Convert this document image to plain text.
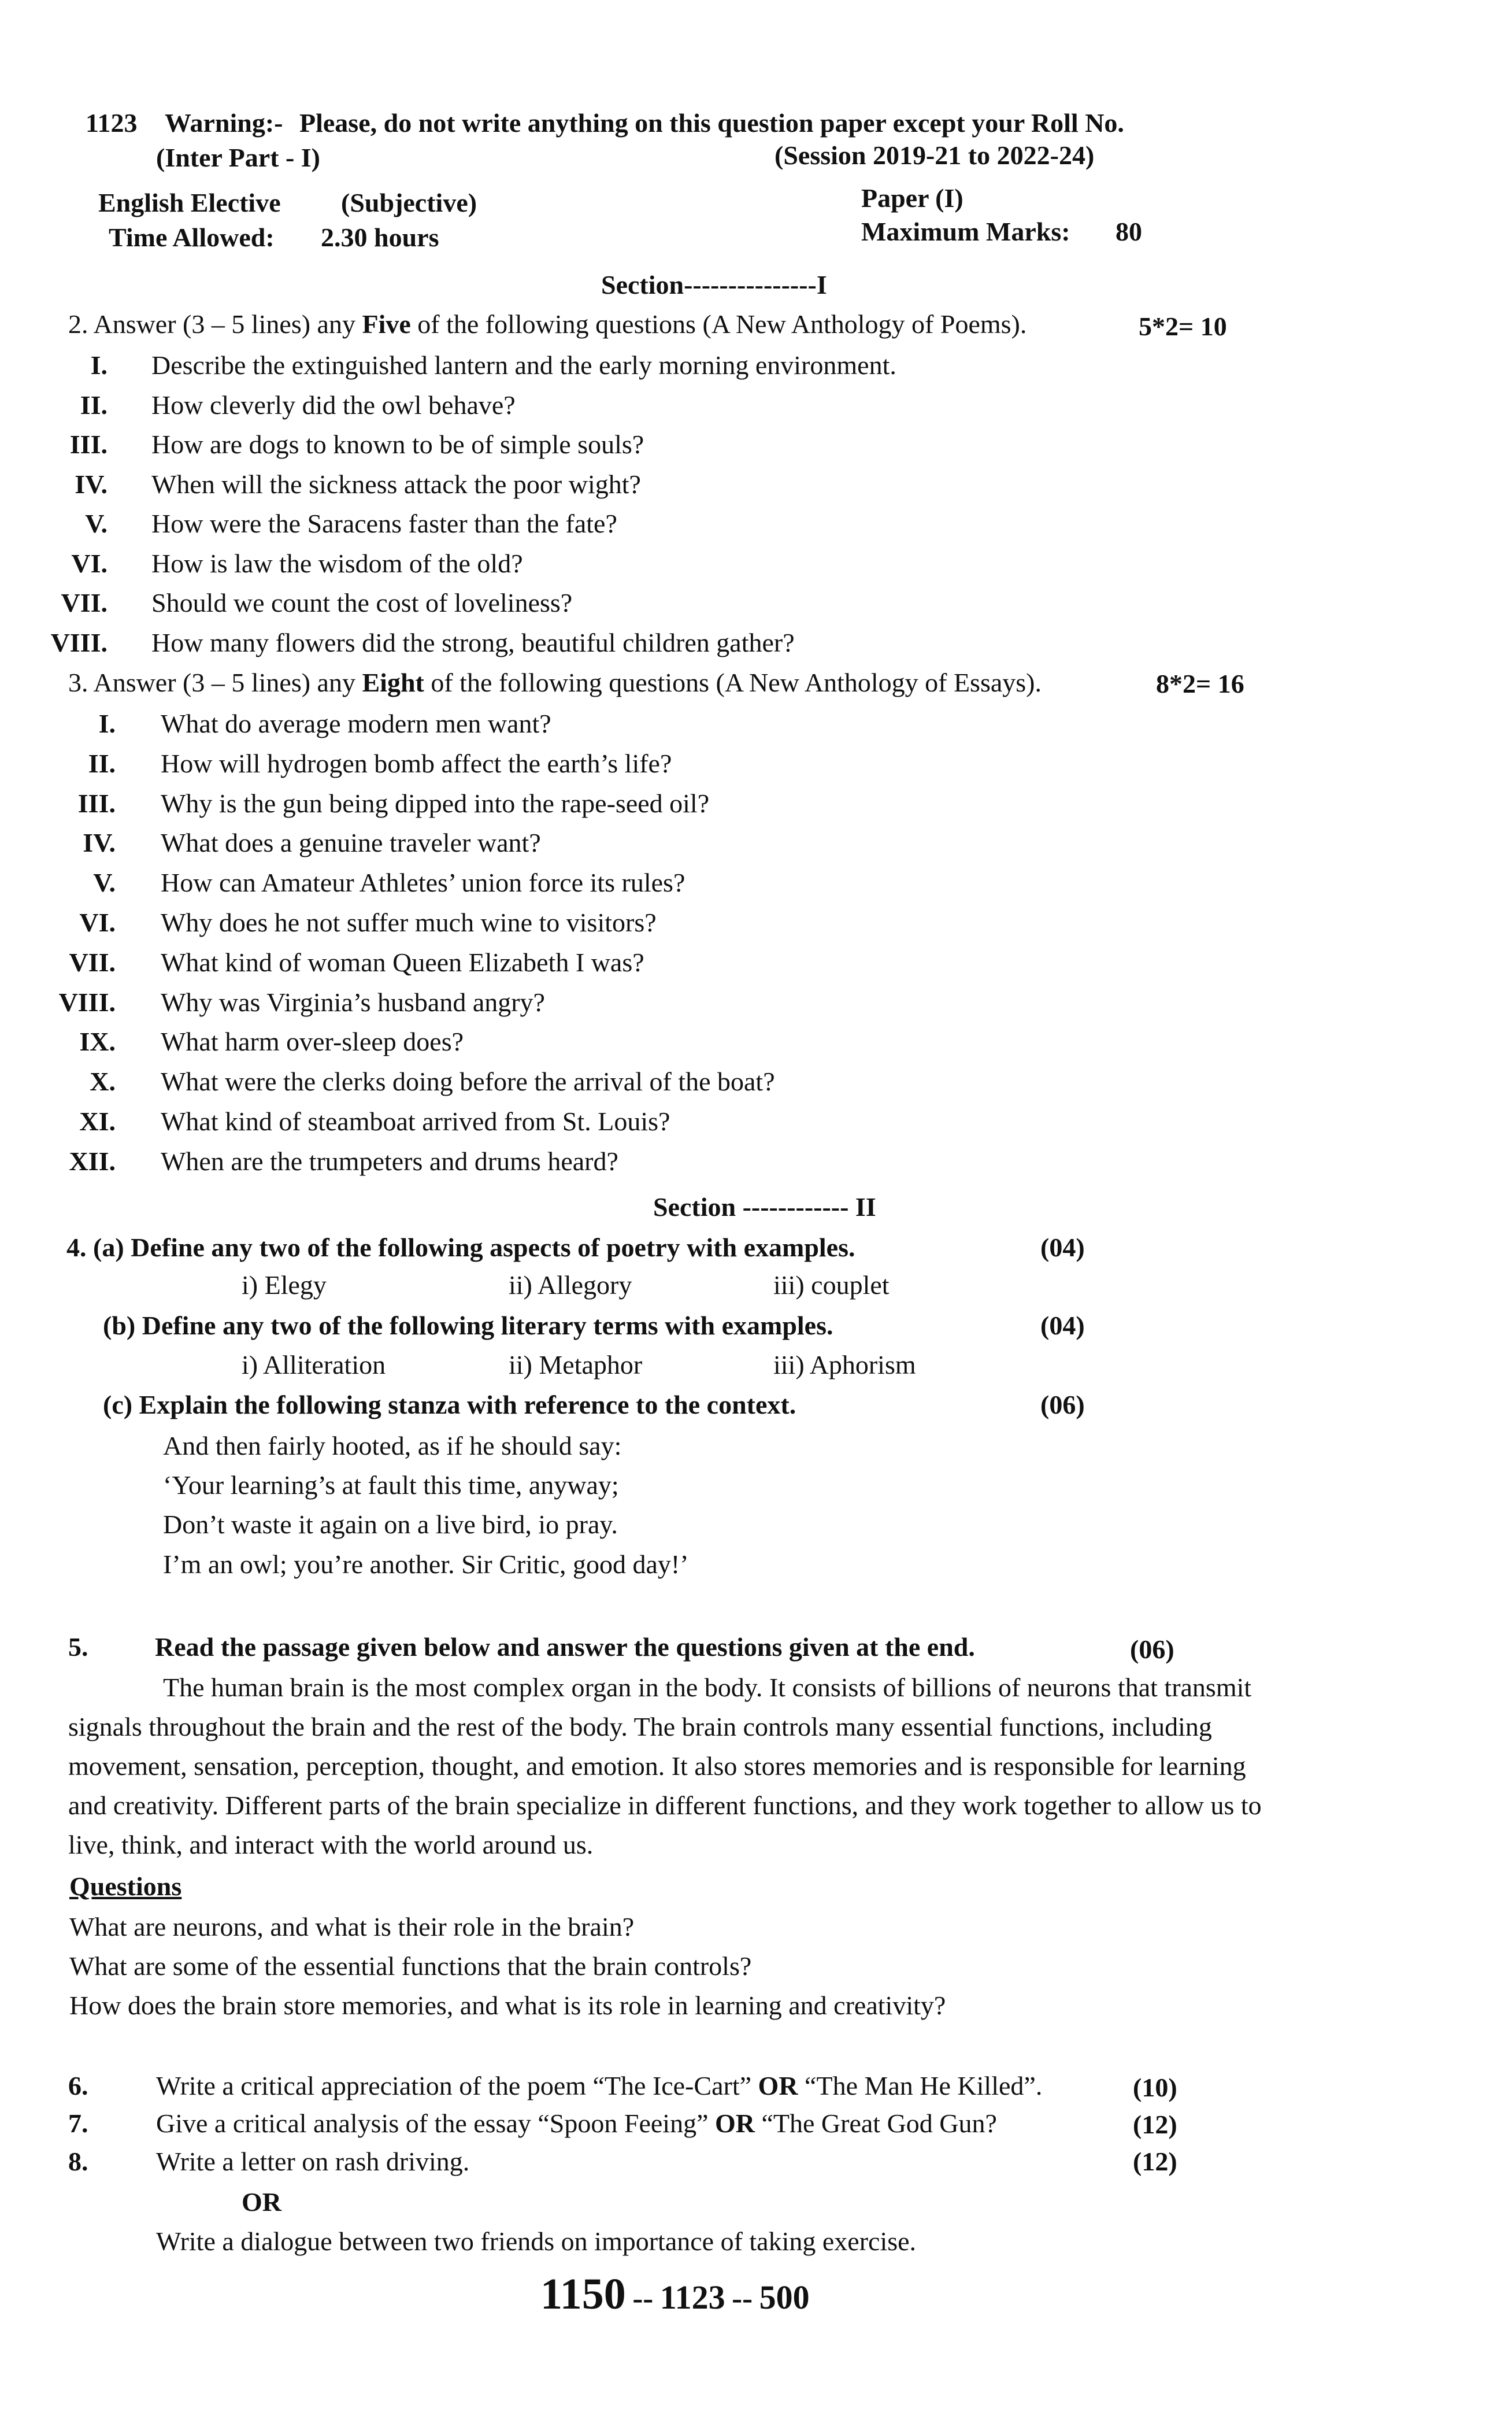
1123 Warning:- Please, do not write anything on this question paper except your Roll No.
(Inter Part - I)	(Session 2019-21 to 2022-24)
English Elective (Subjective)	Paper (I)
Time Allowed: 2.30 hours	Maximum Marks: 80
Section---------------I
2. Answer (3 – 5 lines) any Five of the following questions (A New Anthology of Poems).	5*2= 10
I. Describe the extinguished lantern and the early morning environment.
II. How cleverly did the owl behave?
III. How are dogs to known to be of simple souls?
IV. When will the sickness attack the poor wight?
V. How were the Saracens faster than the fate?
VI. How is law the wisdom of the old?
VII. Should we count the cost of loveliness?
VIII. How many flowers did the strong, beautiful children gather?
3. Answer (3 – 5 lines) any Eight of the following questions (A New Anthology of Essays).	8*2= 16
I. What do average modern men want?
II. How will hydrogen bomb affect the earth’s life?
III. Why is the gun being dipped into the rape-seed oil?
IV. What does a genuine traveler want?
V. How can Amateur Athletes’ union force its rules?
VI. Why does he not suffer much wine to visitors?
VII. What kind of woman Queen Elizabeth I was?
VIII. Why was Virginia’s husband angry?
IX. What harm over-sleep does?
X. What were the clerks doing before the arrival of the boat?
XI. What kind of steamboat arrived from St. Louis?
XII. When are the trumpeters and drums heard?
Section ------------ II
4. (a) Define any two of the following aspects of poetry with examples.	(04)
i) Elegy	ii) Allegory	iii) couplet
(b) Define any two of the following literary terms with examples.	(04)
i) Alliteration	ii) Metaphor	iii) Aphorism
(c) Explain the following stanza with reference to the context.	(06)
And then fairly hooted, as if he should say:
‘Your learning’s at fault this time, anyway;
Don’t waste it again on a live bird, io pray.
I’m an owl; you’re another. Sir Critic, good day!’
5.	Read the passage given below and answer the questions given at the end.	(06)
The human brain is the most complex organ in the body. It consists of billions of neurons that transmit
signals throughout the brain and the rest of the body. The brain controls many essential functions, including
movement, sensation, perception, thought, and emotion. It also stores memories and is responsible for learning
and creativity. Different parts of the brain specialize in different functions, and they work together to allow us to
live, think, and interact with the world around us.
Questions
What are neurons, and what is their role in the brain?
What are some of the essential functions that the brain controls?
How does the brain store memories, and what is its role in learning and creativity?
6.	Write a critical appreciation of the poem “The Ice-Cart” OR “The Man He Killed”.	(10)
7.	Give a critical analysis of the essay “Spoon Feeing” OR “The Great God Gun?	(12)
8.	Write a letter on rash driving.	(12)
OR
Write a dialogue between two friends on importance of taking exercise.
1150 -- 1123 -- 500
